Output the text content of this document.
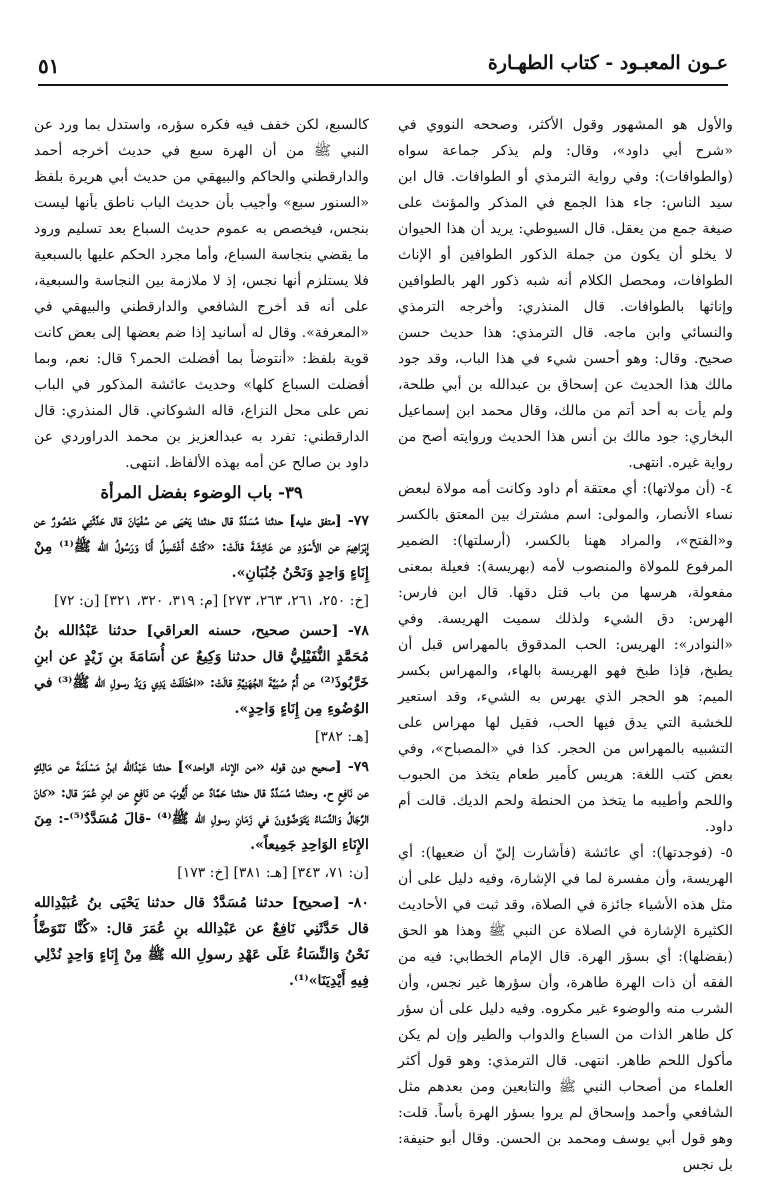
٥١	عـون المعبـود - كتاب الطهـارة

والأول هو المشهور وقول الأكثر، وصححه النووي في «شرح أبي داود»، وقال: ولم يذكر جماعة سواه (والطوافات): وفي رواية الترمذي أو الطوافات. قال ابن سيد الناس: جاء هذا الجمع في المذكر والمؤنث على صيغة جمع من يعقل. قال السيوطي: يريد أن هذا الحيوان لا يخلو أن يكون من جملة الذكور الطوافين أو الإناث الطوافات، ومحصل الكلام أنه شبه ذكور الهر بالطوافين وإناثها بالطوافات. قال المنذري: وأخرجه الترمذي والنسائي وابن ماجه. قال الترمذي: هذا حديث حسن صحيح. وقال: وهو أحسن شيء في هذا الباب، وقد جود مالك هذا الحديث عن إسحاق بن عبدالله بن أبي طلحة، ولم يأت به أحد أتم من مالك، وقال محمد ابن إسماعيل البخاري: جود مالك بن أنس هذا الحديث وروايته أصح من رواية غيره. انتهى.

٤- (أن مولاتها): أي معتقة أم داود وكانت أمه مولاة لبعض نساء الأنصار، والمولى: اسم مشترك بين المعتق بالكسر و«الفتح»، والمراد ههنا بالكسر، (أرسلتها): الضمير المرفوع للمولاة والمنصوب لأمه (بهريسة): فعيلة بمعنى مفعولة، هرسها من باب قتل دقها. قال ابن فارس: الهرس: دق الشيء ولذلك سميت الهريسة. وفي «النوادر»: الهريس: الحب المدقوق بالمهراس قبل أن يطبخ، فإذا طبخ فهو الهريسة بالهاء، والمهراس بكسر الميم: هو الحجر الذي يهرس به الشيء، وقد استعير للخشبة التي يدق فيها الحب، فقيل لها مهراس على التشبيه بالمهراس من الحجر. كذا في «المصباح»، وفي بعض كتب اللغة: هريس كأمير طعام يتخذ من الحبوب واللحم وأطيبه ما يتخذ من الحنطة ولحم الديك. قالت أم داود.

٥- (فوجدتها): أي عائشة (فأشارت إليّ أن ضعيها): أي الهريسة، وأن مفسرة لما في الإشارة، وفيه دليل على أن مثل هذه الأشياء جائزة في الصلاة، وقد ثبت في الأحاديث الكثيرة الإشارة في الصلاة عن النبي ﷺ وهذا هو الحق (بفضلها): أي بسؤر الهرة. قال الإمام الخطابي: فيه من الفقه أن ذات الهرة طاهرة، وأن سؤرها غير نجس، وأن الشرب منه والوضوء غير مكروه. وفيه دليل على أن سؤر كل طاهر الذات من السباع والدواب والطير وإن لم يكن مأكول اللحم طاهر. انتهى. قال الترمذي: وهو قول أكثر العلماء من أصحاب النبي ﷺ والتابعين ومن بعدهم مثل الشافعي وأحمد وإسحاق لم يروا بسؤر الهرة بأساً. قلت: وهو قول أبي يوسف ومحمد بن الحسن. وقال أبو حنيفة: بل نجس

كالسبع، لكن خفف فيه فكره سؤره، واستدل بما ورد عن النبي ﷺ من أن الهرة سبع في حديث أخرجه أحمد والدارقطني والحاكم والبيهقي من حديث أبي هريرة بلفظ «السنور سبع» وأجيب بأن حديث الباب ناطق بأنها ليست بنجس، فيخصص به عموم حديث السباع بعد تسليم ورود ما يقضي بنجاسة السباع، وأما مجرد الحكم عليها بالسبعية فلا يستلزم أنها نجس، إذ لا ملازمة بين النجاسة والسبعية، على أنه قد أخرج الشافعي والدارقطني والبيهقي في «المعرفة». وقال له أسانيد إذا ضم بعضها إلى بعض كانت قوية بلفظ: «أنتوضأ بما أفضلت الحمر؟ قال: نعم، وبما أفضلت السباع كلها» وحديث عائشة المذكور في الباب نص على محل النزاع، قاله الشوكاني. قال المنذري: قال الدارقطني: تفرد به عبدالعزيز بن محمد الدراوردي عن داود بن صالح عن أمه بهذه الألفاظ. انتهى.

٣٩- باب الوضوء بفضل المرأة

٧٧- [متفق عليه] حدثنا مُسَدَّدٌ قال حدثنا يَحْيَى عن سُفْيَانَ قال حَدَّثَنِي مَنْصُورٌ عن إِبْرَاهِيمَ عن الأَسْوَدِ عن عَائِشَةَ قالَتْ: «كُنْتُ أَغْتَسِلُ أَنَا وَرَسُولُ الله ﷺ⁽¹⁾ مِنْ إِنَاءٍ وَاحِدٍ وَنَحْنُ جُنُبَانِ».

[خ: ٢٥٠، ٢٦١، ٢٦٣، ٢٧٣] [م: ٣١٩، ٣٢٠، ٣٢١] [ن: ٧٢]

٧٨- [حسن صحيح، حسنه العراقي] حدثنا عَبْدُالله بنُ مُحَمَّدٍ النُّفَيْلِيُّ قال حدثنا وَكِيعٌ عن أُسَامَةَ بنِ زَيْدٍ عن ابنِ خَرَّبُوذَ⁽²⁾ عن أُمِّ صُبَيَّةَ الجُهَنِيَّةِ قالَتْ: «اخْتَلَفَتْ يَدِي وَيَدُ رسولِ الله ﷺ⁽³⁾ في الوُضُوءِ مِن إِنَاءٍ وَاحِدٍ».

[هـ: ٣٨٢]

٧٩- [صحيح دون قوله «من الإناء الواحد»] حدثنا عَبْدُالله ابنُ مَسْلَمَةَ عن مَالِكٍ عن نَافِعٍ ح. وحدثنا مُسَدَّدٌ قال حدثنا حَمَّادٌ عن أَيُّوبَ عن نَافِعٍ عن ابنِ عُمَرَ قال: «كانَ الرِّجَالُ وَالنِّسَاءُ يَتَوَضَّؤونَ في زَمَانِ رسولِ الله ﷺ⁽⁴⁾ -قالَ مُسَدَّدٌ⁽⁵⁾-: مِنَ الإِنَاءِ الوَاحِدِ جَمِيعاً».

[ن: ٧١، ٣٤٣] [هـ: ٣٨١] [خ: ١٧٣]

٨٠- [صحيح] حدثنا مُسَدَّدٌ قال حدثنا يَحْيَى بنُ عُبَيْدِالله قال حَدَّثَنِي نَافِعٌ عن عَبْدِالله بنِ عُمَرَ قال: «كُنَّا نَتَوَضَّأُ نَحْنُ وَالنِّسَاءُ عَلَى عَهْدِ رسولِ الله ﷺ مِنْ إِنَاءٍ وَاحِدٍ نُدْلِي فِيهِ أَيْدِيَنَا»⁽¹⁾.
